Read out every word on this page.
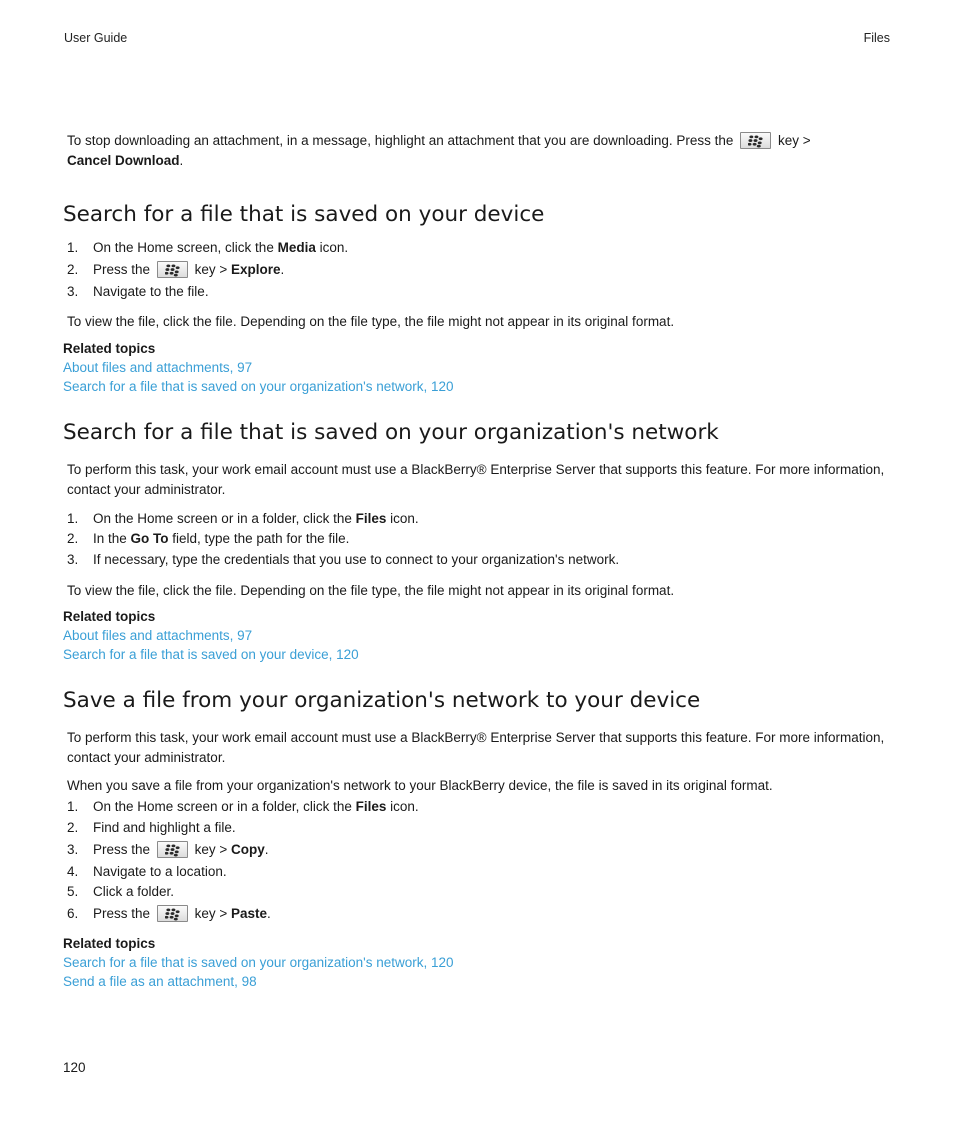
User Guide	Files
To stop downloading an attachment, in a message, highlight an attachment that you are downloading. Press the	key >
Cancel Download.
Search for a file that is saved on your device
1. On the Home screen, click the Media icon.
2. Press the	key > Explore.
3. Navigate to the file.
To view the file, click the file. Depending on the file type, the file might not appear in its original format.
Related topics
About files and attachments, 97
Search for a file that is saved on your organization's network, 120
Search for a file that is saved on your organization's network
To perform this task, your work email account must use a BlackBerry® Enterprise Server that supports this feature. For more information, contact your administrator.
1. On the Home screen or in a folder, click the Files icon.
2. In the Go To field, type the path for the file.
3. If necessary, type the credentials that you use to connect to your organization's network.
To view the file, click the file. Depending on the file type, the file might not appear in its original format.
Related topics
About files and attachments, 97
Search for a file that is saved on your device, 120
Save a file from your organization's network to your device
To perform this task, your work email account must use a BlackBerry® Enterprise Server that supports this feature. For more information, contact your administrator.
When you save a file from your organization's network to your BlackBerry device, the file is saved in its original format.
1. On the Home screen or in a folder, click the Files icon.
2. Find and highlight a file.
3. Press the	key > Copy.
4. Navigate to a location.
5. Click a folder.
6. Press the	key > Paste.
Related topics
Search for a file that is saved on your organization's network, 120
Send a file as an attachment, 98
120
